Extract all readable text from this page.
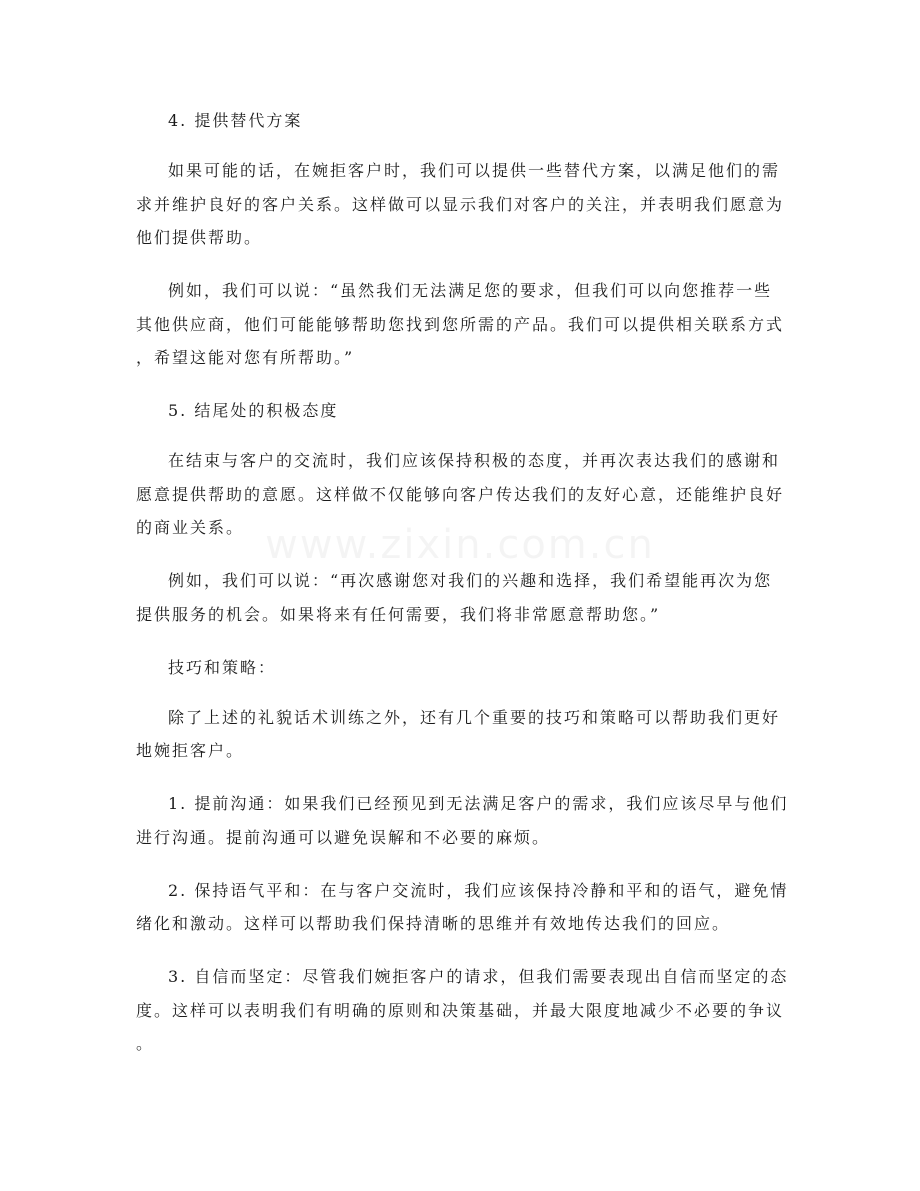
4. 提供替代方案
如果可能的话，在婉拒客户时，我们可以提供一些替代方案，以满足他们的需
求并维护良好的客户关系。这样做可以显示我们对客户的关注，并表明我们愿意为
他们提供帮助。
例如，我们可以说：“虽然我们无法满足您的要求，但我们可以向您推荐一些
其他供应商，他们可能能够帮助您找到您所需的产品。我们可以提供相关联系方式
，希望这能对您有所帮助。”
5. 结尾处的积极态度
在结束与客户的交流时，我们应该保持积极的态度，并再次表达我们的感谢和
愿意提供帮助的意愿。这样做不仅能够向客户传达我们的友好心意，还能维护良好
的商业关系。
例如，我们可以说：“再次感谢您对我们的兴趣和选择，我们希望能再次为您
提供服务的机会。如果将来有任何需要，我们将非常愿意帮助您。”
技巧和策略：
除了上述的礼貌话术训练之外，还有几个重要的技巧和策略可以帮助我们更好
地婉拒客户。
1. 提前沟通：如果我们已经预见到无法满足客户的需求，我们应该尽早与他们
进行沟通。提前沟通可以避免误解和不必要的麻烦。
2. 保持语气平和：在与客户交流时，我们应该保持冷静和平和的语气，避免情
绪化和激动。这样可以帮助我们保持清晰的思维并有效地传达我们的回应。
3. 自信而坚定：尽管我们婉拒客户的请求，但我们需要表现出自信而坚定的态
度。这样可以表明我们有明确的原则和决策基础，并最大限度地减少不必要的争议
。
